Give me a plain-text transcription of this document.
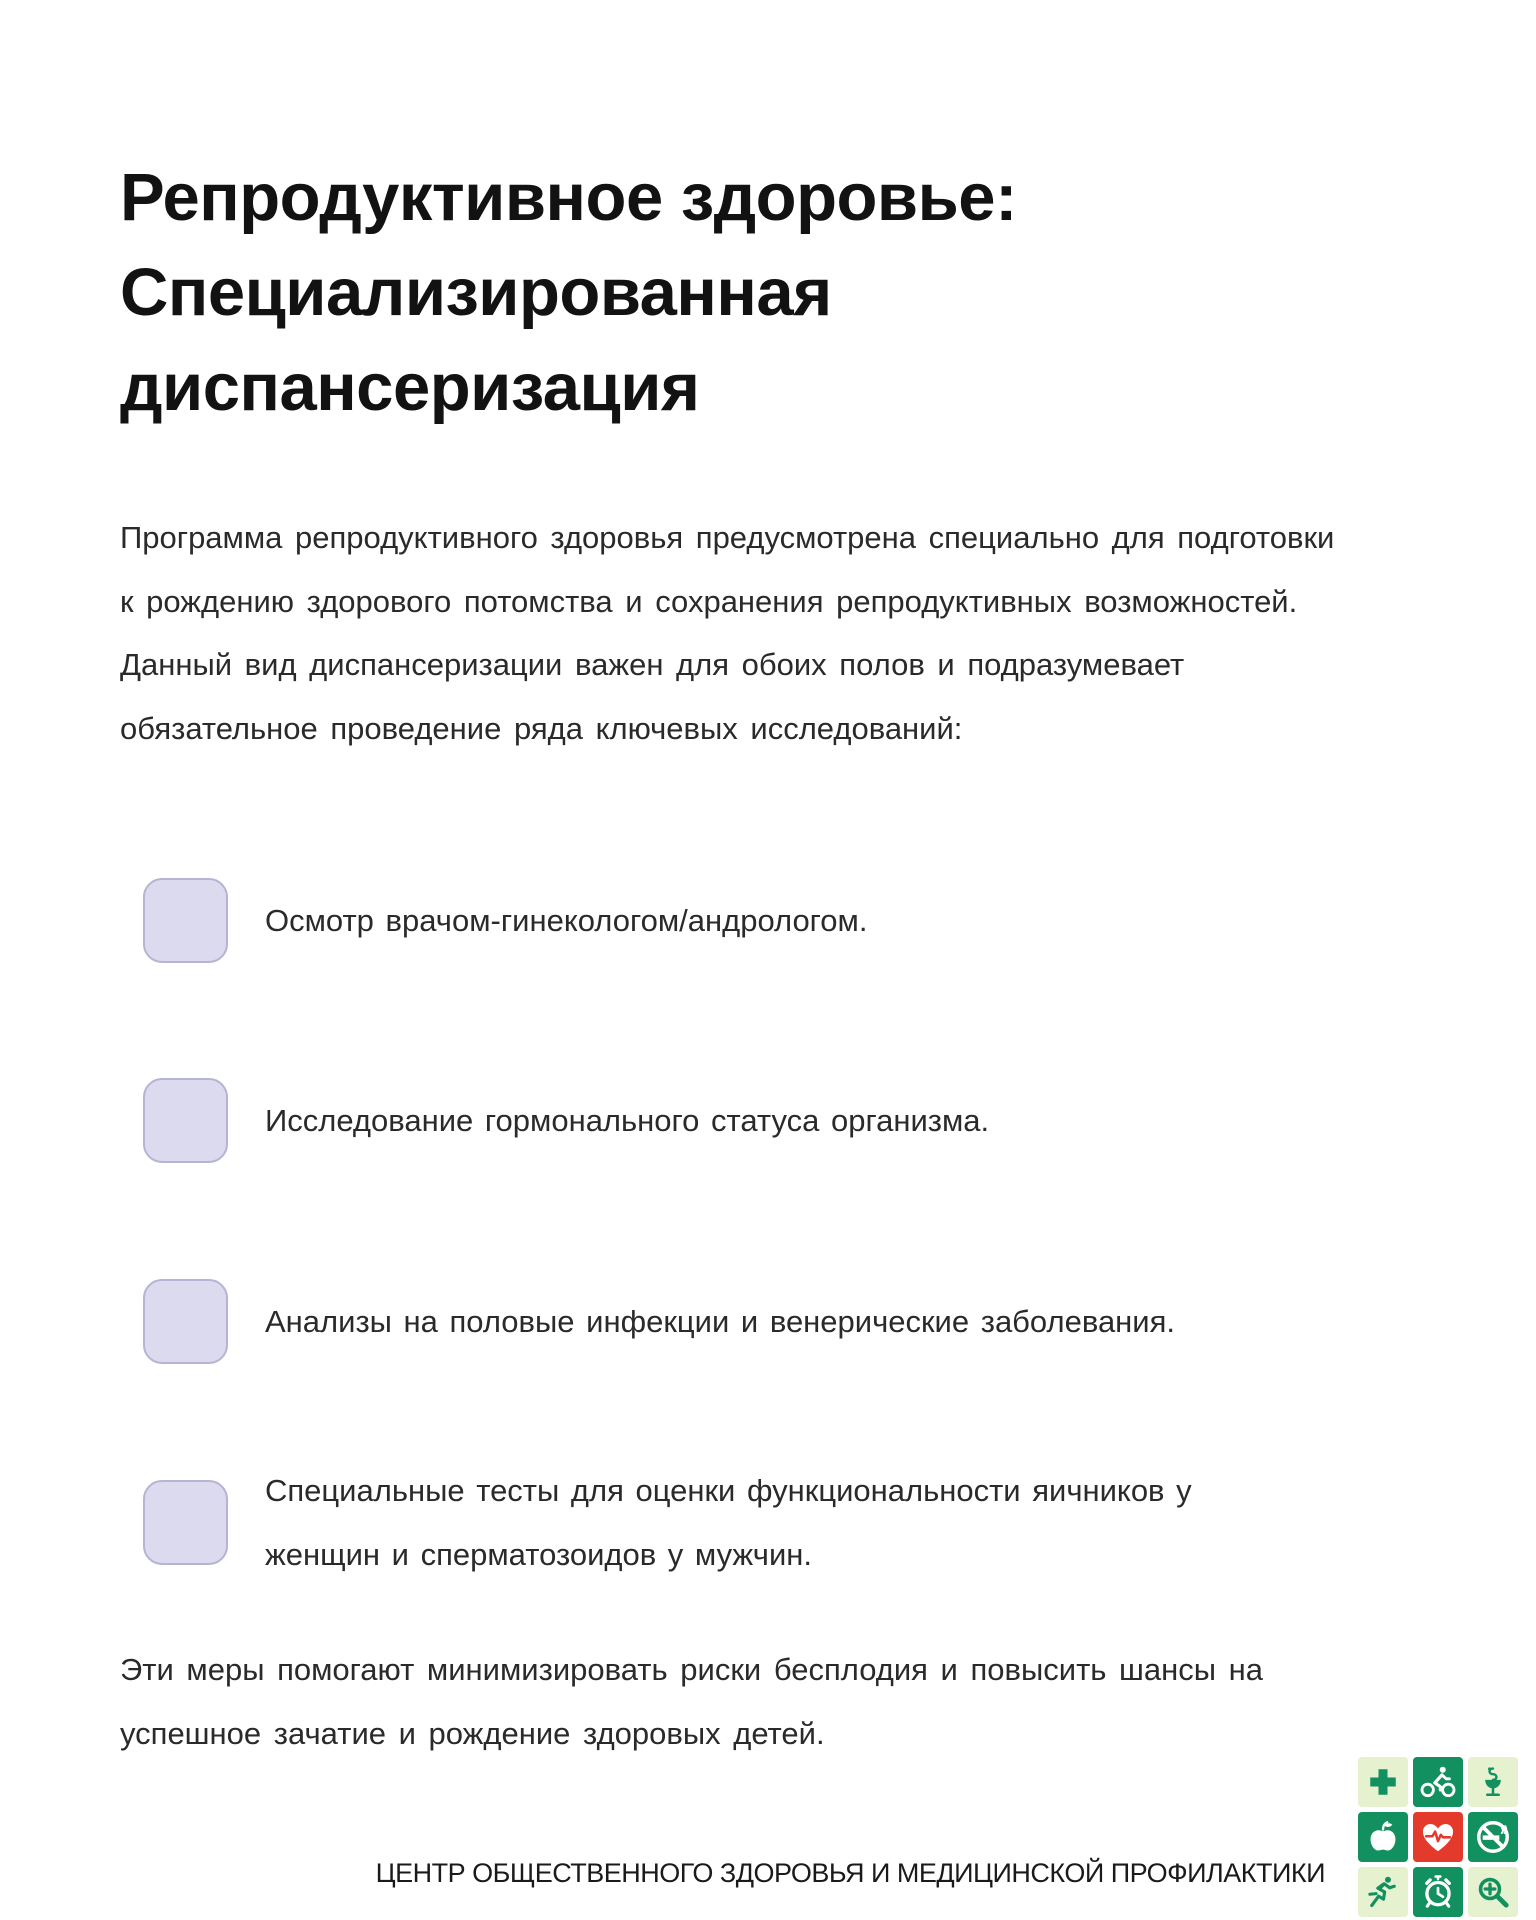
Репродуктивное здоровье: Специализированная диспансеризация

Программа репродуктивного здоровья предусмотрена специально для подготовки к рождению здорового потомства и сохранения репродуктивных возможностей. Данный вид диспансеризации важен для обоих полов и подразумевает обязательное проведение ряда ключевых исследований:

Осмотр врачом-гинекологом/андрологом.
Исследование гормонального статуса организма.
Анализы на половые инфекции и венерические заболевания.
Специальные тесты для оценки функциональности яичников у женщин и сперматозоидов у мужчин.

Эти меры помогают минимизировать риски бесплодия и повысить шансы на успешное зачатие и рождение здоровых детей.

ЦЕНТР ОБЩЕСТВЕННОГО ЗДОРОВЬЯ И МЕДИЦИНСКОЙ ПРОФИЛАКТИКИ
